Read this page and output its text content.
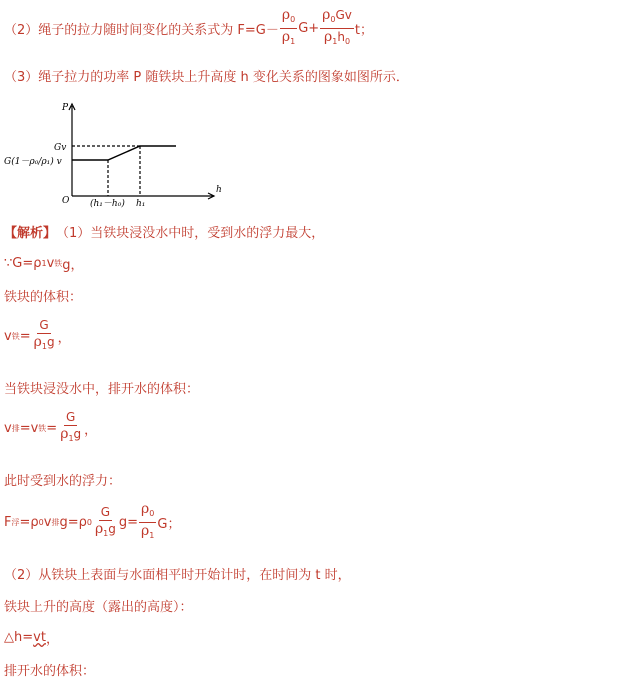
（2）绳子的拉力随时间变化的关系式为 $F=G- \frac{\rho_0}{\rho_1} G+ \frac{\rho_0Gv}{\rho_1h_0}$ t；
（3）绳子拉力的功率 P 随铁块上升高度 h 变化关系的图象如图所示．
P
h
O
Gv
G(1－ρ₀/ρ₁) v
(h₁－h₀) h₁
【解析】 （1）当铁块浸没水中时，受到水的浮力最大，
∵G=ρ 1 v 铁 g，
铁块的体积：
v 铁 = $\frac{G}{\rho_1g}$ ，
当铁块浸没水中，排开水的体积：
v 排 =v 铁 = $\frac{G}{\rho_1g}$ ，
此时受到水的浮力：
F 浮 =ρ 0 v 排 g=ρ $0 \frac{G}{\rho_1g} g= \frac{\rho_0}{\rho_1}$ G；
（2）从铁块上表面与水面相平时开始计时，在时间为 t 时，
铁块上升的高度（露出的高度）：
△h= vt ，
排开水的体积：
